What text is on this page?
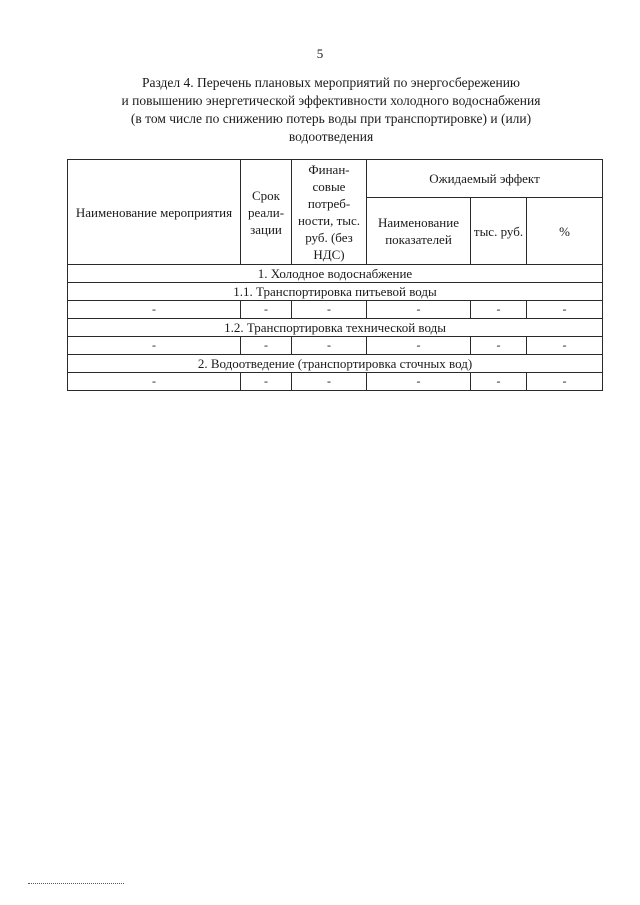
5
Раздел 4. Перечень плановых мероприятий по энергосбережению
и повышению энергетической эффективности холодного водоснабжения
(в том числе по снижению потерь воды при транспортировке) и (или)
водоотведения
Наименование мероприятия	Срок реали-зации	Финан-совые потреб-ности, тыс. руб. (без НДС)	Ожидаемый эффект		
			Наименование показателей	тыс. руб.	%
1. Холодное водоснабжение					
1.1. Транспортировка питьевой воды					
-	-	-	-	-	-
1.2. Транспортировка технической воды					
-	-	-	-	-	-
2. Водоотведение (транспортировка сточных вод)					
-	-	-	-	-	-
